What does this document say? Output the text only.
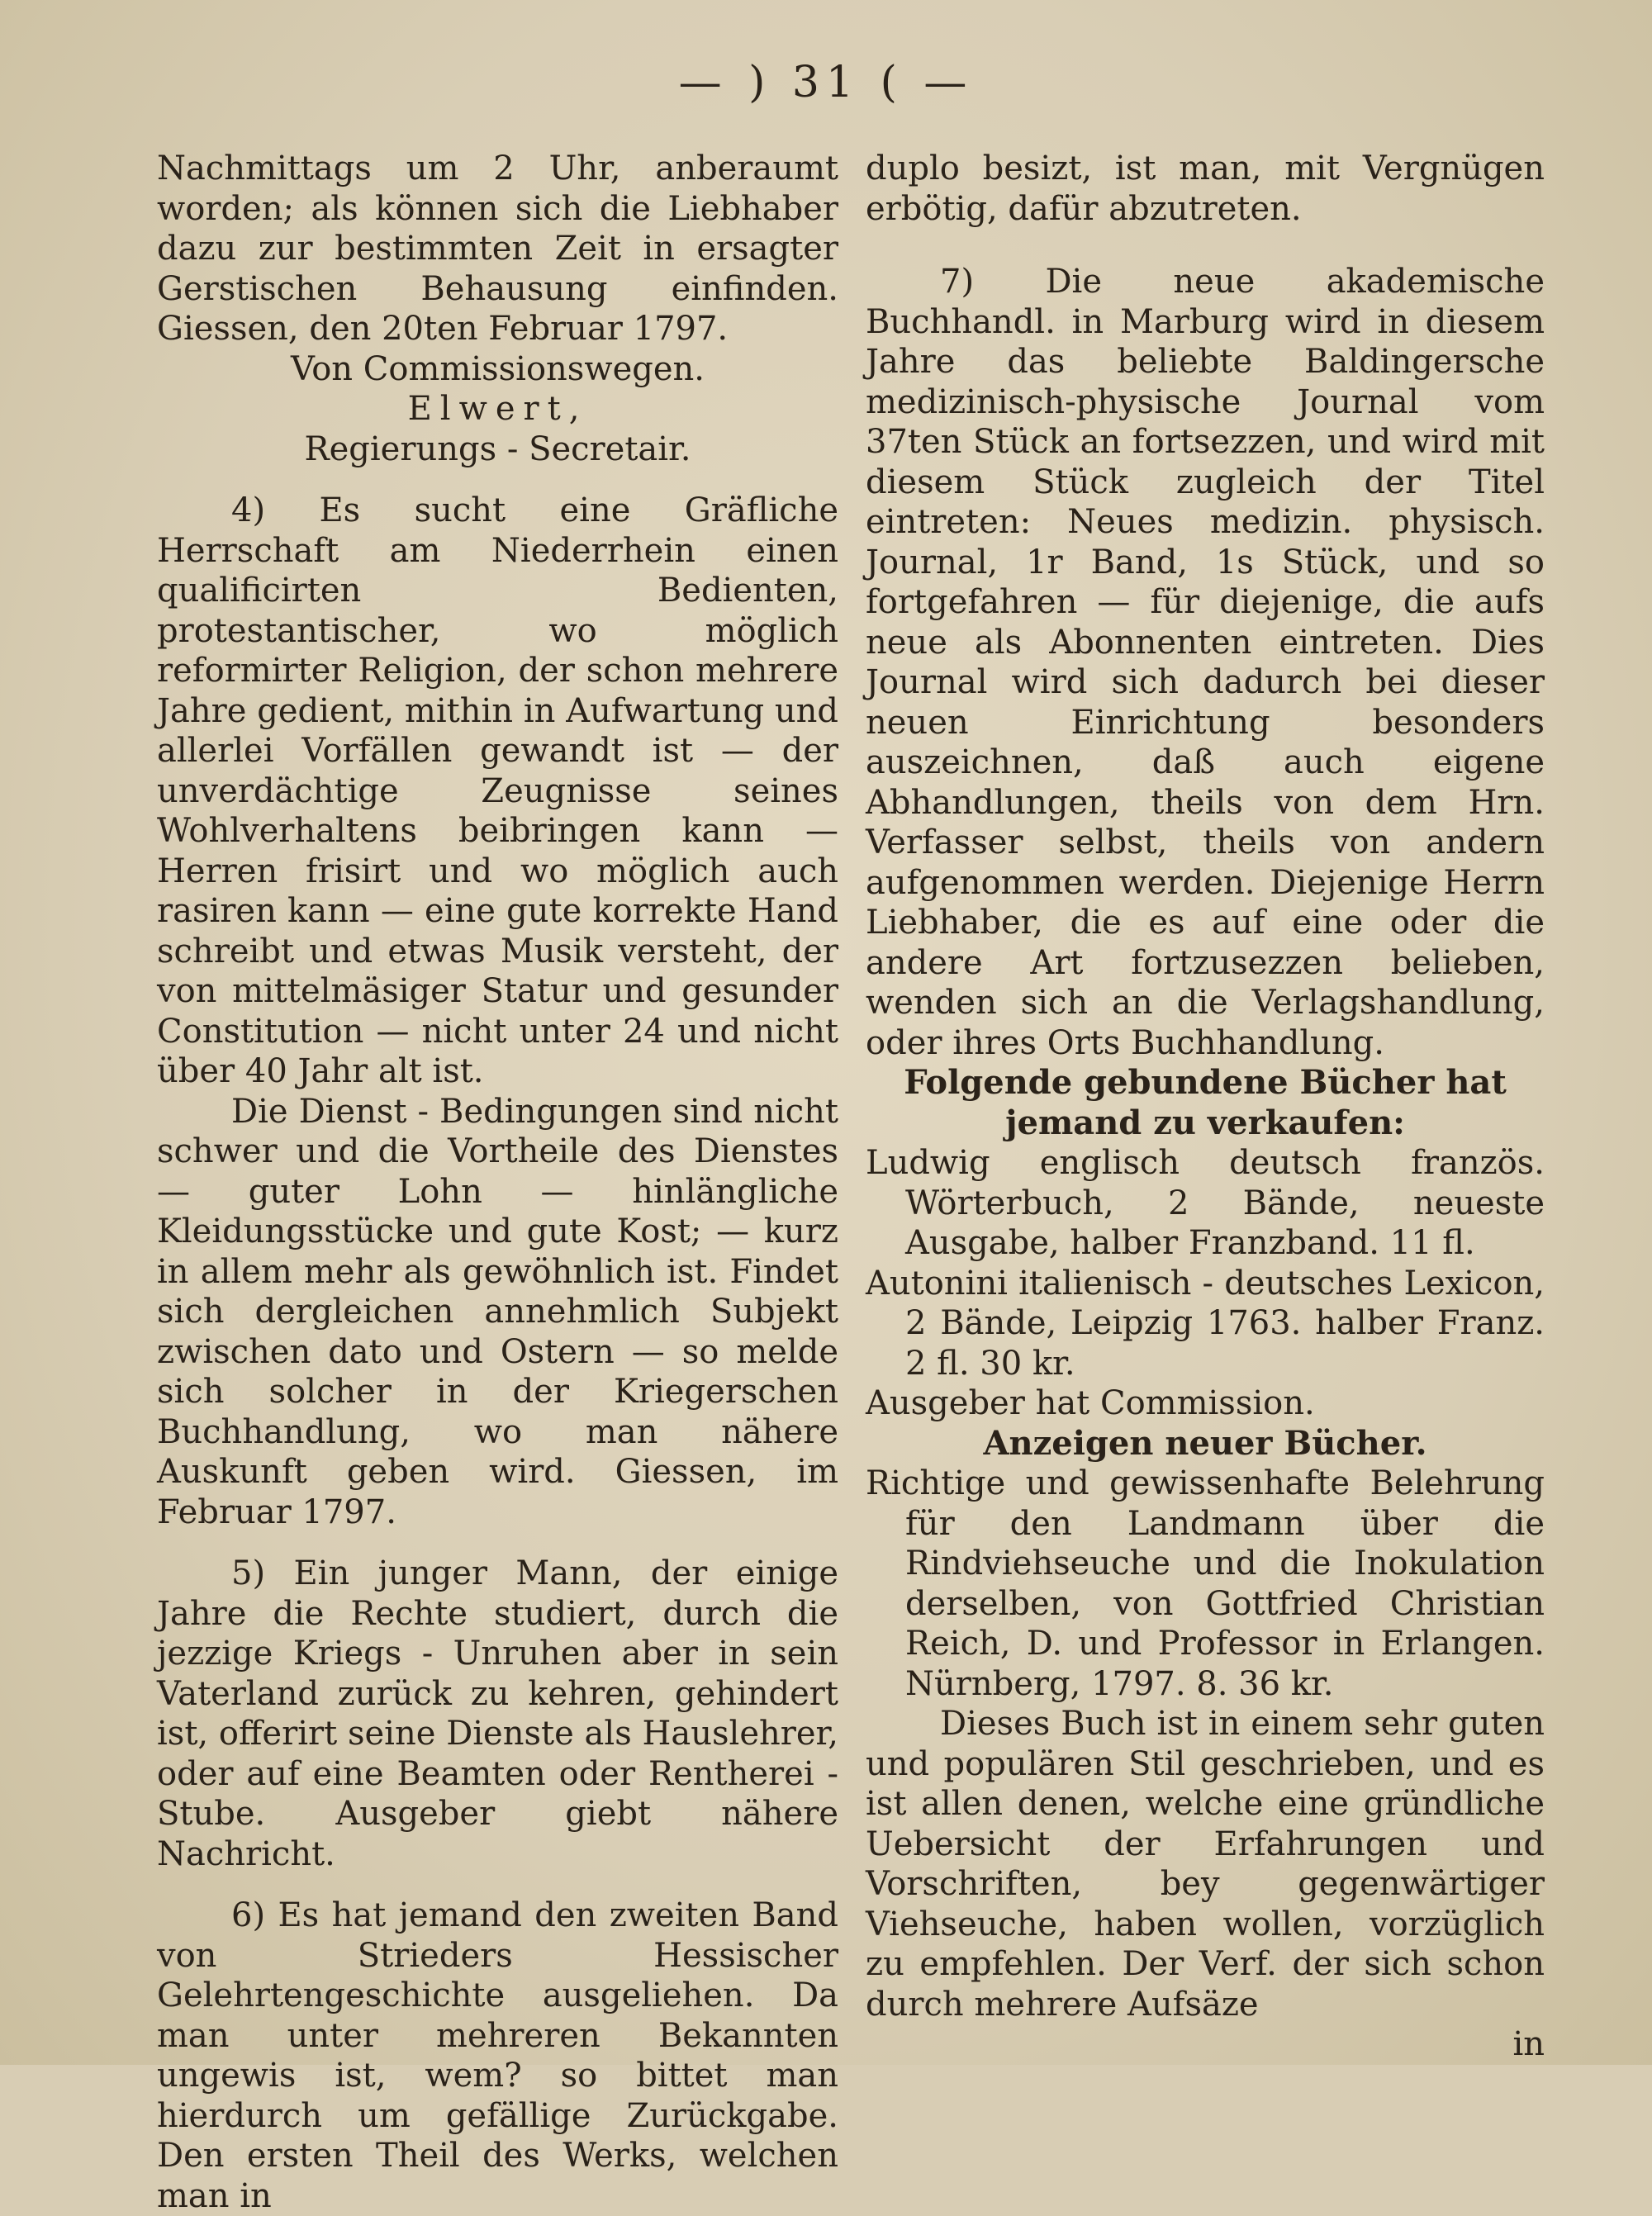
— ) 31 ( —

Nachmittags um 2 Uhr, anberaumt worden; als können sich die Liebhaber dazu zur bestimmten Zeit in ersagter Gerstischen Behausung einfinden. Giessen, den 20ten Februar 1797.

Von Commissionswegen.

Elwert,

Regierungs - Secretair.

4) Es sucht eine Gräfliche Herrschaft am Niederrhein einen qualificirten Bedienten, protestantischer, wo möglich reformirter Religion, der schon mehrere Jahre gedient, mithin in Aufwartung und allerlei Vorfällen gewandt ist — der unverdächtige Zeugnisse seines Wohlverhaltens beibringen kann — Herren frisirt und wo möglich auch rasiren kann — eine gute korrekte Hand schreibt und etwas Musik versteht, der von mittelmäsiger Statur und gesunder Constitution — nicht unter 24 und nicht über 40 Jahr alt ist.

Die Dienst - Bedingungen sind nicht schwer und die Vortheile des Dienstes — guter Lohn — hinlängliche Kleidungsstücke und gute Kost; — kurz in allem mehr als gewöhnlich ist. Findet sich dergleichen annehmlich Subjekt zwischen dato und Ostern — so melde sich solcher in der Kriegerschen Buchhandlung, wo man nähere Auskunft geben wird. Giessen, im Februar 1797.

5) Ein junger Mann, der einige Jahre die Rechte studiert, durch die jezzige Kriegs - Unruhen aber in sein Vaterland zurück zu kehren, gehindert ist, offerirt seine Dienste als Hauslehrer, oder auf eine Beamten oder Rentherei - Stube. Ausgeber giebt nähere Nachricht.

6) Es hat jemand den zweiten Band von Strieders Hessischer Gelehrtengeschichte ausgeliehen. Da man unter mehreren Bekannten ungewis ist, wem? so bittet man hierdurch um gefällige Zurückgabe. Den ersten Theil des Werks, welchen man in

duplo besizt, ist man, mit Vergnügen erbötig, dafür abzutreten.

7) Die neue akademische Buchhandl. in Marburg wird in diesem Jahre das beliebte Baldingersche medizinisch-physische Journal vom 37ten Stück an fortsezzen, und wird mit diesem Stück zugleich der Titel eintreten: Neues medizin. physisch. Journal, 1r Band, 1s Stück, und so fortgefahren — für diejenige, die aufs neue als Abonnenten eintreten. Dies Journal wird sich dadurch bei dieser neuen Einrichtung besonders auszeichnen, daß auch eigene Abhandlungen, theils von dem Hrn. Verfasser selbst, theils von andern aufgenommen werden. Diejenige Herrn Liebhaber, die es auf eine oder die andere Art fortzusezzen belieben, wenden sich an die Verlagshandlung, oder ihres Orts Buchhandlung.

Folgende gebundene Bücher hat jemand zu verkaufen:

Ludwig englisch deutsch französ. Wörterbuch, 2 Bände, neueste Ausgabe, halber Franzband. 11 fl.

Autonini italienisch - deutsches Lexicon, 2 Bände, Leipzig 1763. halber Franz. 2 fl. 30 kr.

Ausgeber hat Commission.

Anzeigen neuer Bücher.

Richtige und gewissenhafte Belehrung für den Landmann über die Rindviehseuche und die Inokulation derselben, von Gottfried Christian Reich, D. und Professor in Erlangen. Nürnberg, 1797. 8. 36 kr.

Dieses Buch ist in einem sehr guten und populären Stil geschrieben, und es ist allen denen, welche eine gründliche Uebersicht der Erfahrungen und Vorschriften, bey gegenwärtiger Viehseuche, haben wollen, vorzüglich zu empfehlen. Der Verf. der sich schon durch mehrere Aufsäze

in
